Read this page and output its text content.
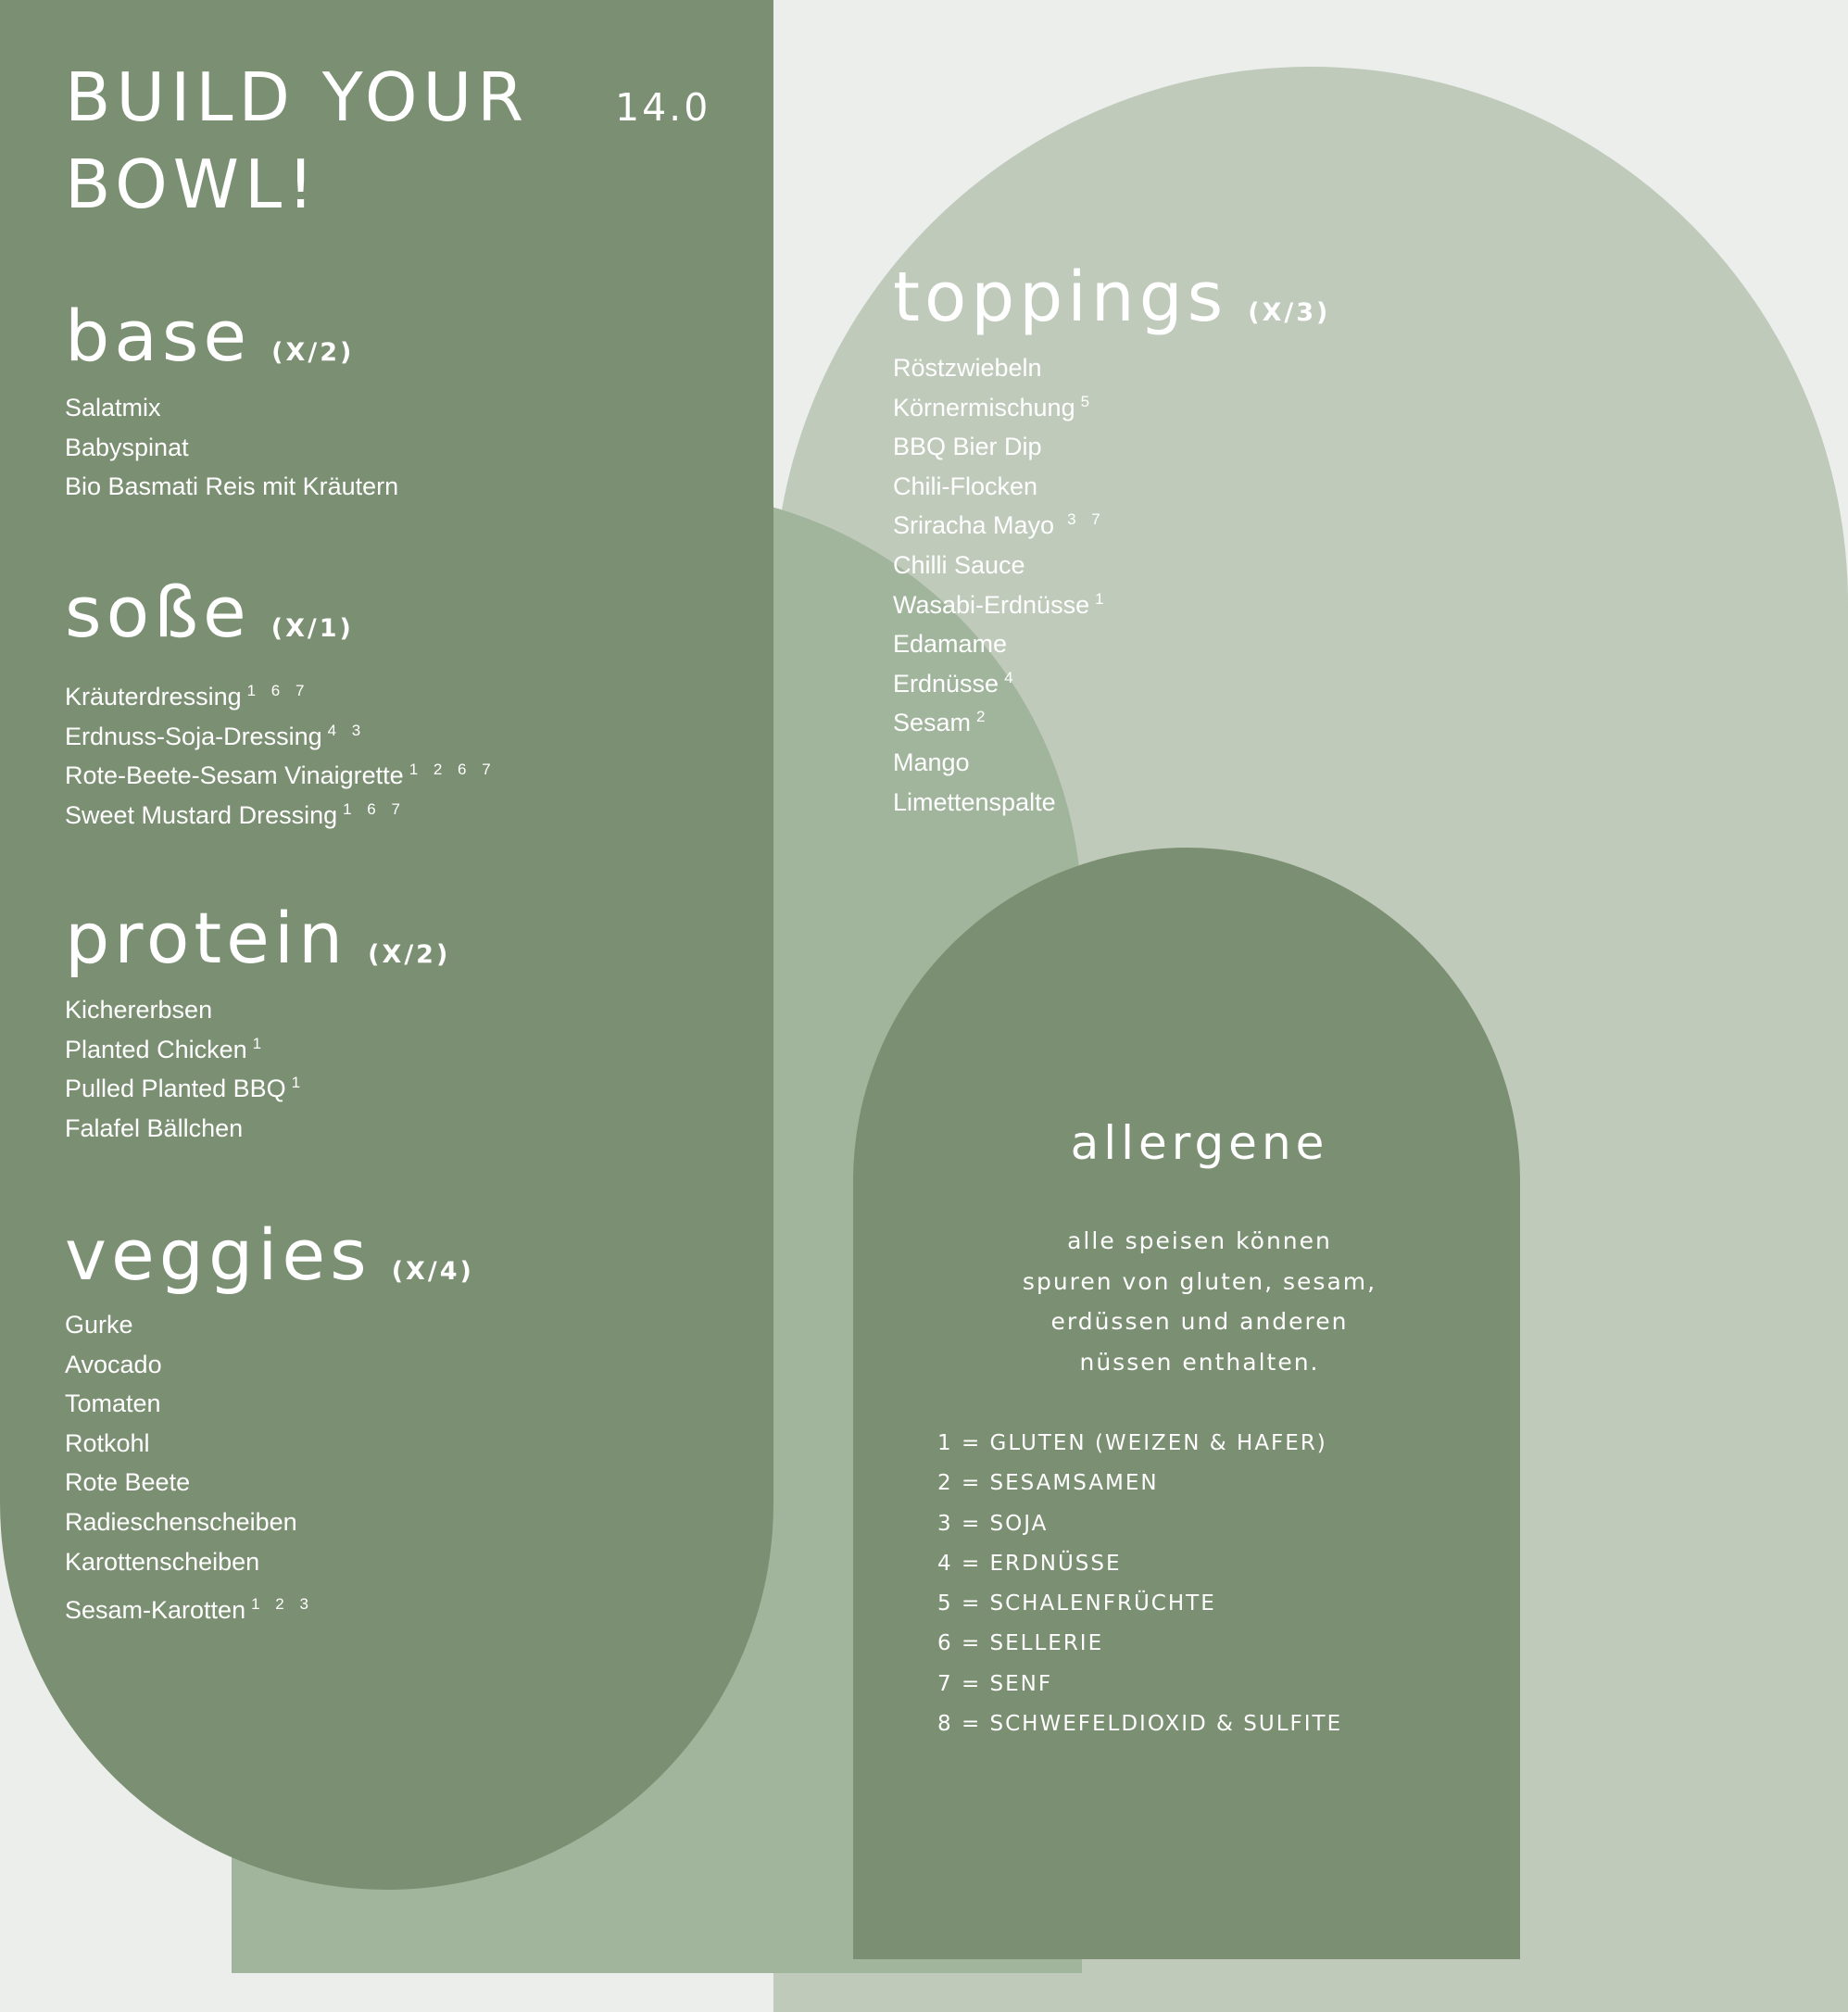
BUILD YOUR
BOWL!
14.0
base (X/2)
Salatmix
Babyspinat
Bio Basmati Reis mit Kräutern
soße (X/1)
Kräuterdressing $^{1 6 7}$
Erdnuss-Soja-Dressing $^{4 3}$
Rote-Beete-Sesam Vinaigrette $^{1 2 6 7}$
Sweet Mustard Dressing $^{1 6 7}$
protein (X/2)
Kichererbsen
Planted Chicken $^1$
Pulled Planted BBQ $^1$
Falafel Bällchen
veggies (X/4)
Gurke
Avocado
Tomaten
Rotkohl
Rote Beete
Radieschenscheiben
Karottenscheiben
Sesam-Karotten $^{1 2 3}$
toppings (X/3)
Röstzwiebeln
Körnermischung $^5$
BBQ Bier Dip
Chili-Flocken
Sriracha Mayo $^{3 7}$
Chilli Sauce
Wasabi-Erdnüsse $^1$
Edamame
Erdnüsse $^4$
Sesam $^2$
Mango
Limettenspalte
allergene

alle speisen können spuren von gluten, sesam, erdüssen und anderen nüssen enthalten.

1 = GLUTEN (WEIZEN & HAFER)
2 = SESAMSAMEN
3 = SOJA
4 = ERDNÜSSE
5 = SCHALENFRÜCHTE
6 = SELLERIE
7 = SENF
8 = SCHWEFELDIOXID & SULFITE
